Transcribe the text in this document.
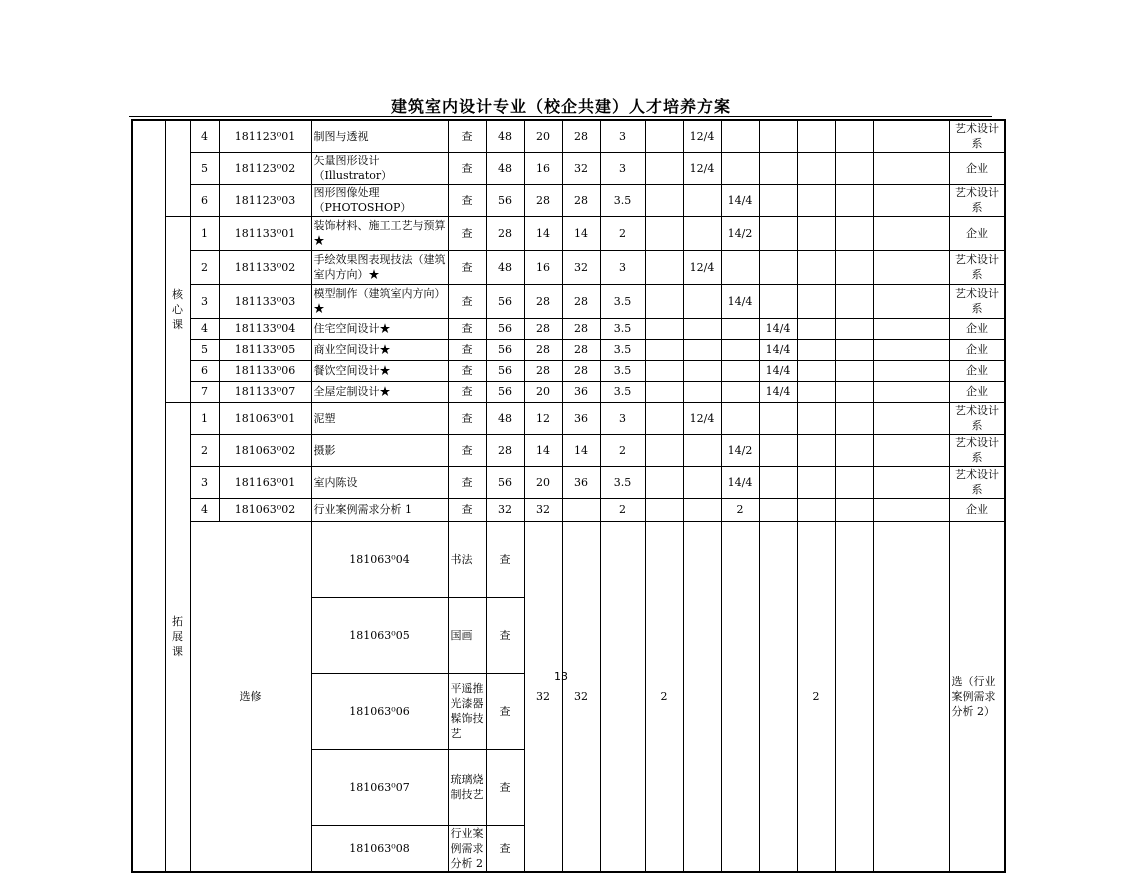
建筑室内设计专业（校企共建）人才培养方案
		4	181123⁰01	制图与透视	查	48	20	28	3		12/4						艺术设计系	
		5	181123⁰02	矢量图形设计（Illustrator）	查	48	16	32	3		12/4						企业	
		6	181123⁰03	图形图像处理（PHOTOSHOP）	查	56	28	28	3.5			14/4					艺术设计系	
	核心课	1	181133⁰01	装饰材料、施工工艺与预算★	查	28	14	14	2			14/2					企业	
		2	181133⁰02	手绘效果图表现技法（建筑室内方向）★	查	48	16	32	3		12/4						艺术设计系	
		3	181133⁰03	模型制作（建筑室内方向）★	查	56	28	28	3.5			14/4					艺术设计系	
		4	181133⁰04	住宅空间设计★	查	56	28	28	3.5				14/4				企业	
		5	181133⁰05	商业空间设计★	查	56	28	28	3.5				14/4				企业	
		6	181133⁰06	餐饮空间设计★	查	56	28	28	3.5				14/4				企业	
		7	181133⁰07	全屋定制设计★	查	56	20	36	3.5				14/4				企业	
	拓展课	1	181063⁰01	泥塑	查	48	12	36	3		12/4						艺术设计系	
		2	181063⁰02	摄影	查	28	14	14	2			14/2					艺术设计系	
		3	181163⁰01	室内陈设	查	56	20	36	3.5			14/4					艺术设计系	
		4	181063⁰02	行业案例需求分析 1	查	32	32		2			2					企业	
		选修		181063⁰04	书法	查	32	32		2				2			选（行业案例需求分析 2）	
				181063⁰05	国画	查	
				181063⁰06	平遥推光漆器髹饰技艺	查	
				181063⁰07	琉璃烧制技艺	查	
				181063⁰08	行业案例需求分析 2	查	
13
